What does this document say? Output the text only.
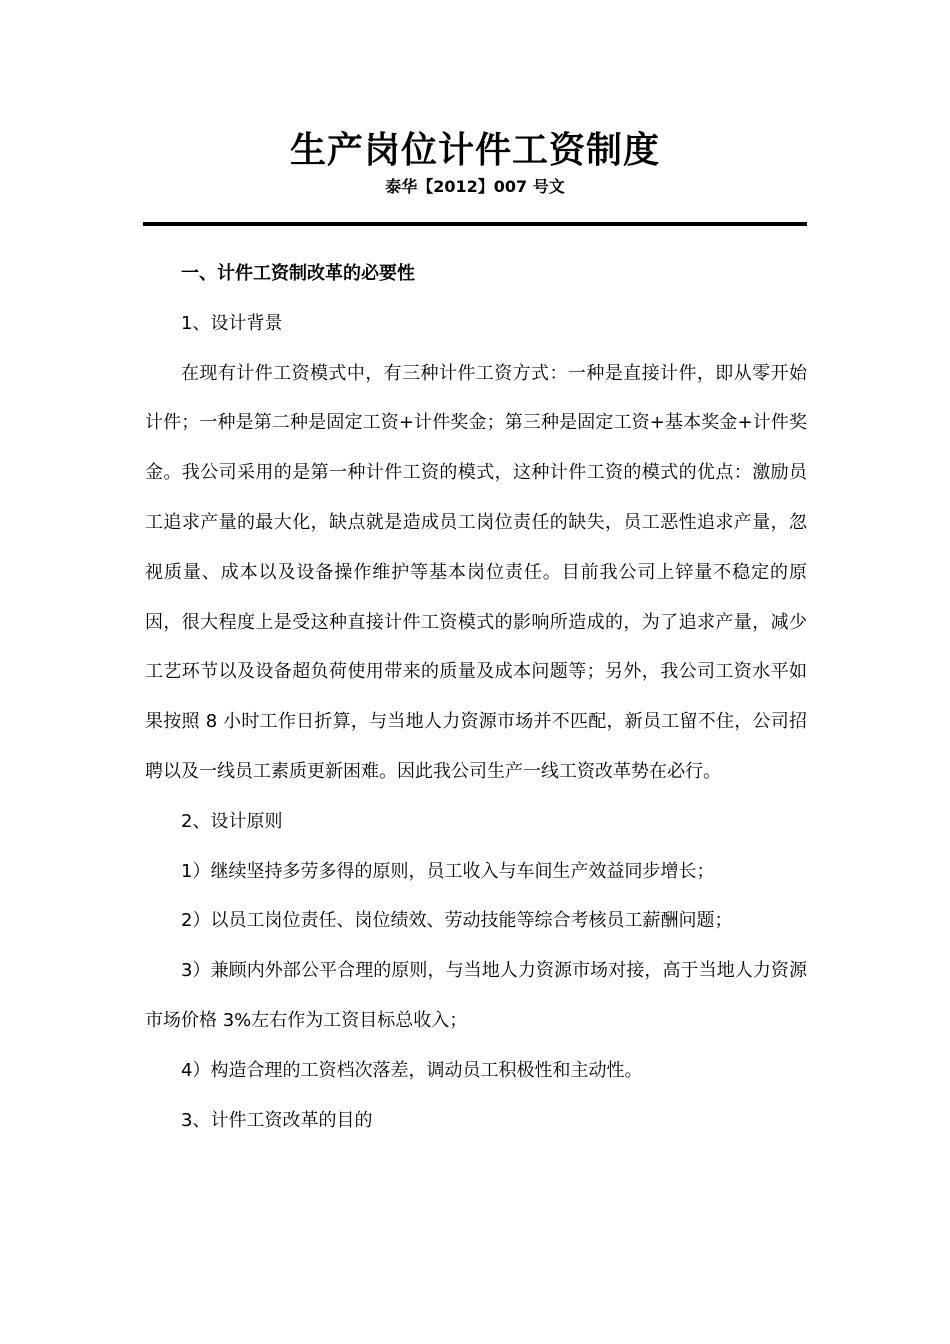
生产岗位计件工资制度
泰华【2012】007 号文

一、计件工资制改革的必要性

1、设计背景

在现有计件工资模式中，有三种计件工资方式：一种是直接计件，即从零开始计件；一种是第二种是固定工资+计件奖金；第三种是固定工资+基本奖金+计件奖金。我公司采用的是第一种计件工资的模式，这种计件工资的模式的优点：激励员工追求产量的最大化，缺点就是造成员工岗位责任的缺失，员工恶性追求产量，忽视质量、成本以及设备操作维护等基本岗位责任。目前我公司上锌量不稳定的原因，很大程度上是受这种直接计件工资模式的影响所造成的，为了追求产量，减少工艺环节以及设备超负荷使用带来的质量及成本问题等；另外，我公司工资水平如果按照 8 小时工作日折算，与当地人力资源市场并不匹配，新员工留不住，公司招聘以及一线员工素质更新困难。因此我公司生产一线工资改革势在必行。

2、设计原则

1）继续坚持多劳多得的原则，员工收入与车间生产效益同步增长；

2）以员工岗位责任、岗位绩效、劳动技能等综合考核员工薪酬问题；

3）兼顾内外部公平合理的原则，与当地人力资源市场对接，高于当地人力资源市场价格 3%左右作为工资目标总收入；

4）构造合理的工资档次落差，调动员工积极性和主动性。

3、计件工资改革的目的
